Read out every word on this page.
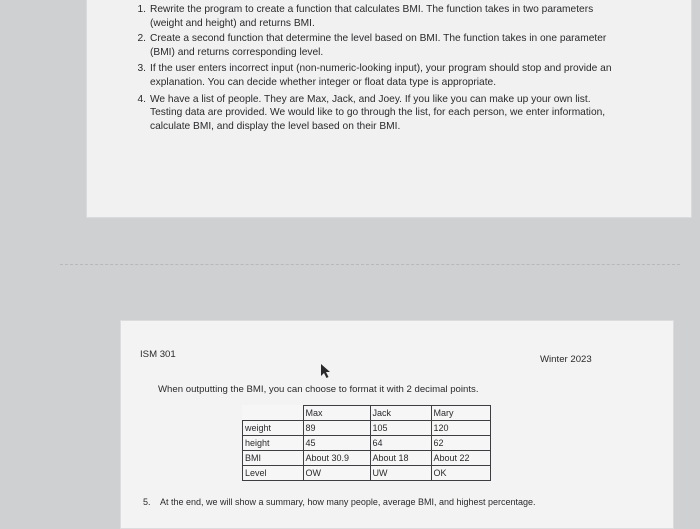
1. Rewrite the program to create a function that calculates BMI. The function takes in two parameters (weight and height) and returns BMI.
2. Create a second function that determine the level based on BMI. The function takes in one parameter (BMI) and returns corresponding level.
3. If the user enters incorrect input (non-numeric-looking input), your program should stop and provide an explanation. You can decide whether integer or float data type is appropriate.
4. We have a list of people. They are Max, Jack, and Joey. If you like you can make up your own list. Testing data are provided. We would like to go through the list, for each person, we enter information, calculate BMI, and display the level based on their BMI.
ISM 301	Winter 2023
When outputting the BMI, you can choose to format it with 2 decimal points.
	Max	Jack	Mary
weight	89	105	120
height	45	64	62
BMI	About 30.9	About 18	About 22
Level	OW	UW	OK
5. At the end, we will show a summary, how many people, average BMI, and highest percentage.
